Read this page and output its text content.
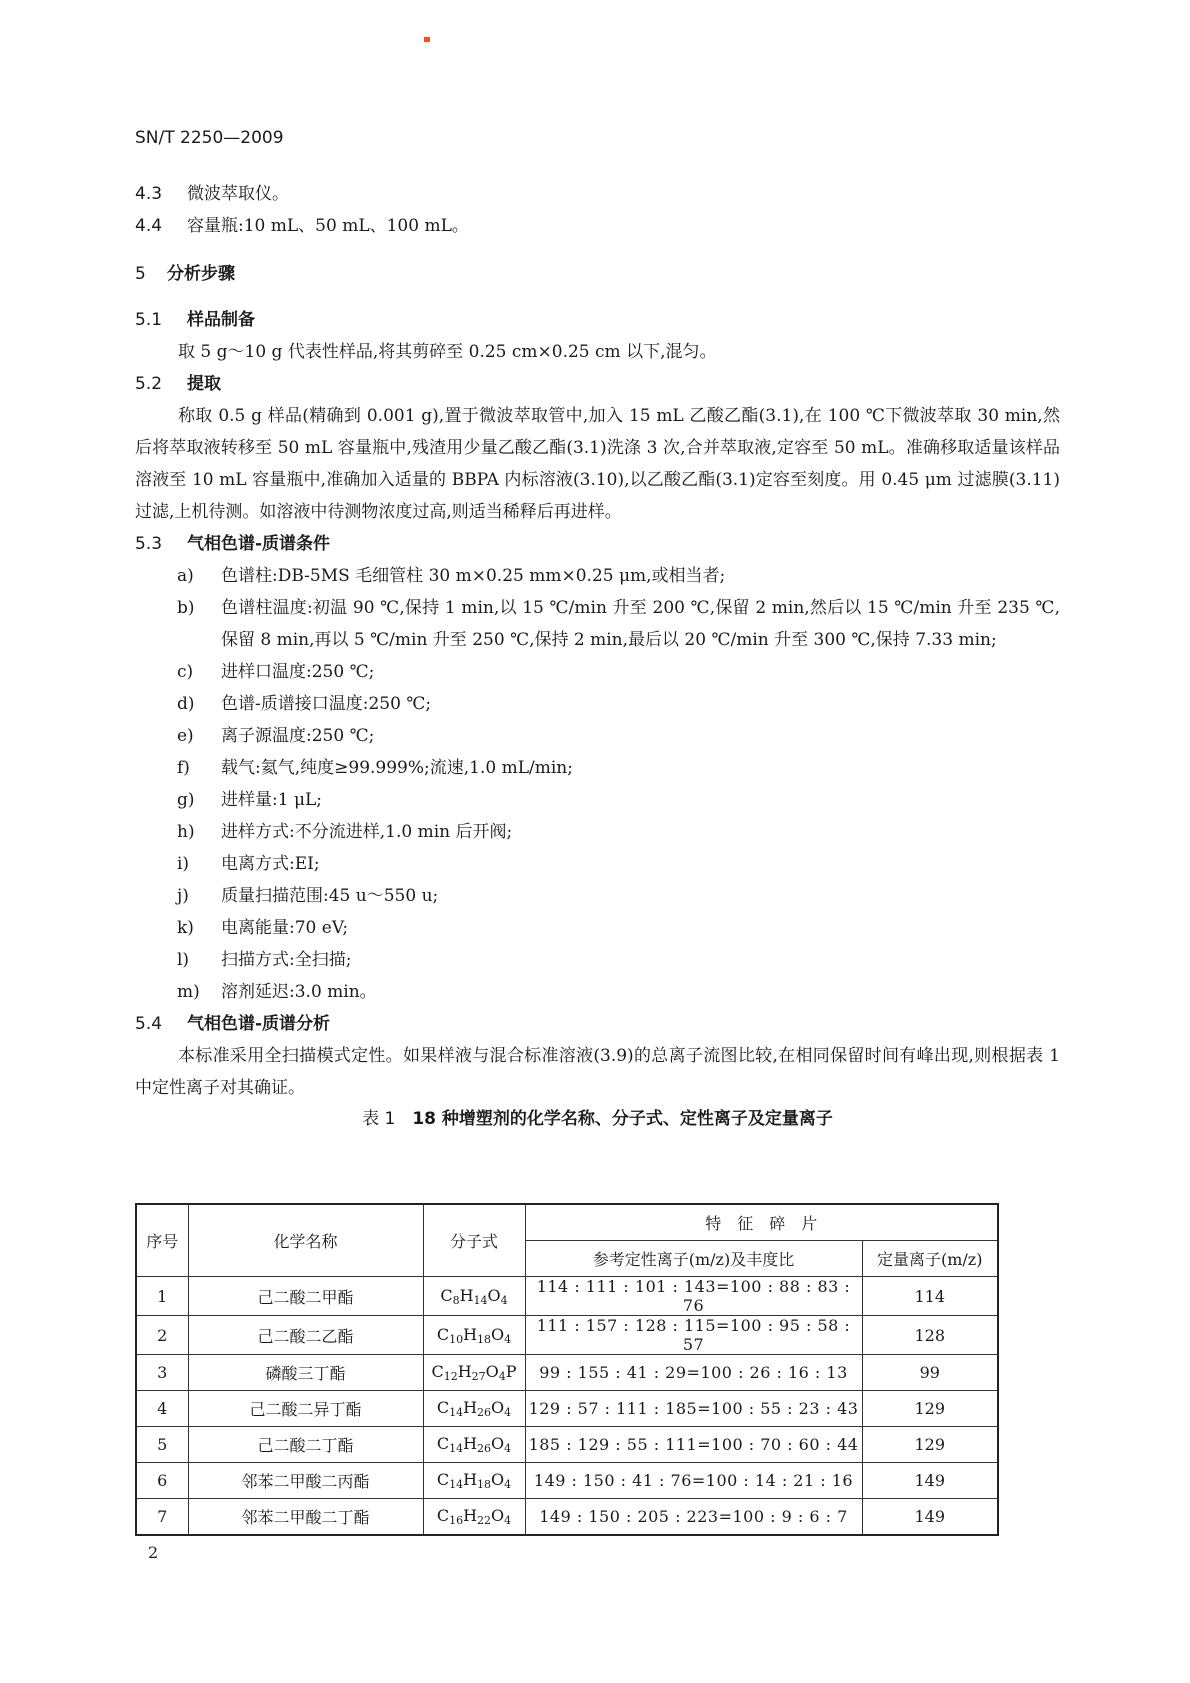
SN/T 2250—2009
4.3 微波萃取仪。
4.4 容量瓶:10 mL、50 mL、100 mL。
5 分析步骤
5.1 样品制备

取 5 g～10 g 代表性样品,将其剪碎至 0.25 cm×0.25 cm 以下,混匀。

5.2 提取

称取 0.5 g 样品(精确到 0.001 g),置于微波萃取管中,加入 15 mL 乙酸乙酯(3.1),在 100 ℃下微波萃取 30 min,然后将萃取液转移至 50 mL 容量瓶中,残渣用少量乙酸乙酯(3.1)洗涤 3 次,合并萃取液,定容至 50 mL。准确移取适量该样品溶液至 10 mL 容量瓶中,准确加入适量的 BBPA 内标溶液(3.10),以乙酸乙酯(3.1)定容至刻度。用 0.45 μm 过滤膜(3.11)过滤,上机待测。如溶液中待测物浓度过高,则适当稀释后再进样。

5.3 气相色谱-质谱条件
a) 色谱柱:DB-5MS 毛细管柱 30 m×0.25 mm×0.25 μm,或相当者;
b) 色谱柱温度:初温 90 ℃,保持 1 min,以 15 ℃/min 升至 200 ℃,保留 2 min,然后以 15 ℃/min 升至 235 ℃,保留 8 min,再以 5 ℃/min 升至 250 ℃,保持 2 min,最后以 20 ℃/min 升至 300 ℃,保持 7.33 min;
c) 进样口温度:250 ℃;
d) 色谱-质谱接口温度:250 ℃;
e) 离子源温度:250 ℃;
f) 载气:氦气,纯度≥99.999%;流速,1.0 mL/min;
g) 进样量:1 μL;
h) 进样方式:不分流进样,1.0 min 后开阀;
i) 电离方式:EI;
j) 质量扫描范围:45 u～550 u;
k) 电离能量:70 eV;
l) 扫描方式:全扫描;
m) 溶剂延迟:3.0 min。
5.4 气相色谱-质谱分析

本标准采用全扫描模式定性。如果样液与混合标准溶液(3.9)的总离子流图比较,在相同保留时间有峰出现,则根据表 1 中定性离子对其确证。

表 1　 18 种增塑剂的化学名称、分子式、定性离子及定量离子
序号	化学名称	分子式	特　征　碎　片	
			参考定性离子(m/z)及丰度比	定量离子(m/z)
1	己二酸二甲酯	$C_8H_{14}O_4$	114 : 111 : 101 : 143=100 : 88 : 83 : 76	114
2	己二酸二乙酯	$C_{10}H_{18}O_4$	111 : 157 : 128 : 115=100 : 95 : 58 : 57	128
3	磷酸三丁酯	$C_{12}H_{27}O_4P$	99 : 155 : 41 : 29=100 : 26 : 16 : 13	99
4	己二酸二异丁酯	$C_{14}H_{26}O_4$	129 : 57 : 111 : 185=100 : 55 : 23 : 43	129
5	己二酸二丁酯	$C_{14}H_{26}O_4$	185 : 129 : 55 : 111=100 : 70 : 60 : 44	129
6	邻苯二甲酸二丙酯	$C_{14}H_{18}O_4$	149 : 150 : 41 : 76=100 : 14 : 21 : 16	149
7	邻苯二甲酸二丁酯	$C_{16}H_{22}O_4$	149 : 150 : 205 : 223=100 : 9 : 6 : 7	149
2
